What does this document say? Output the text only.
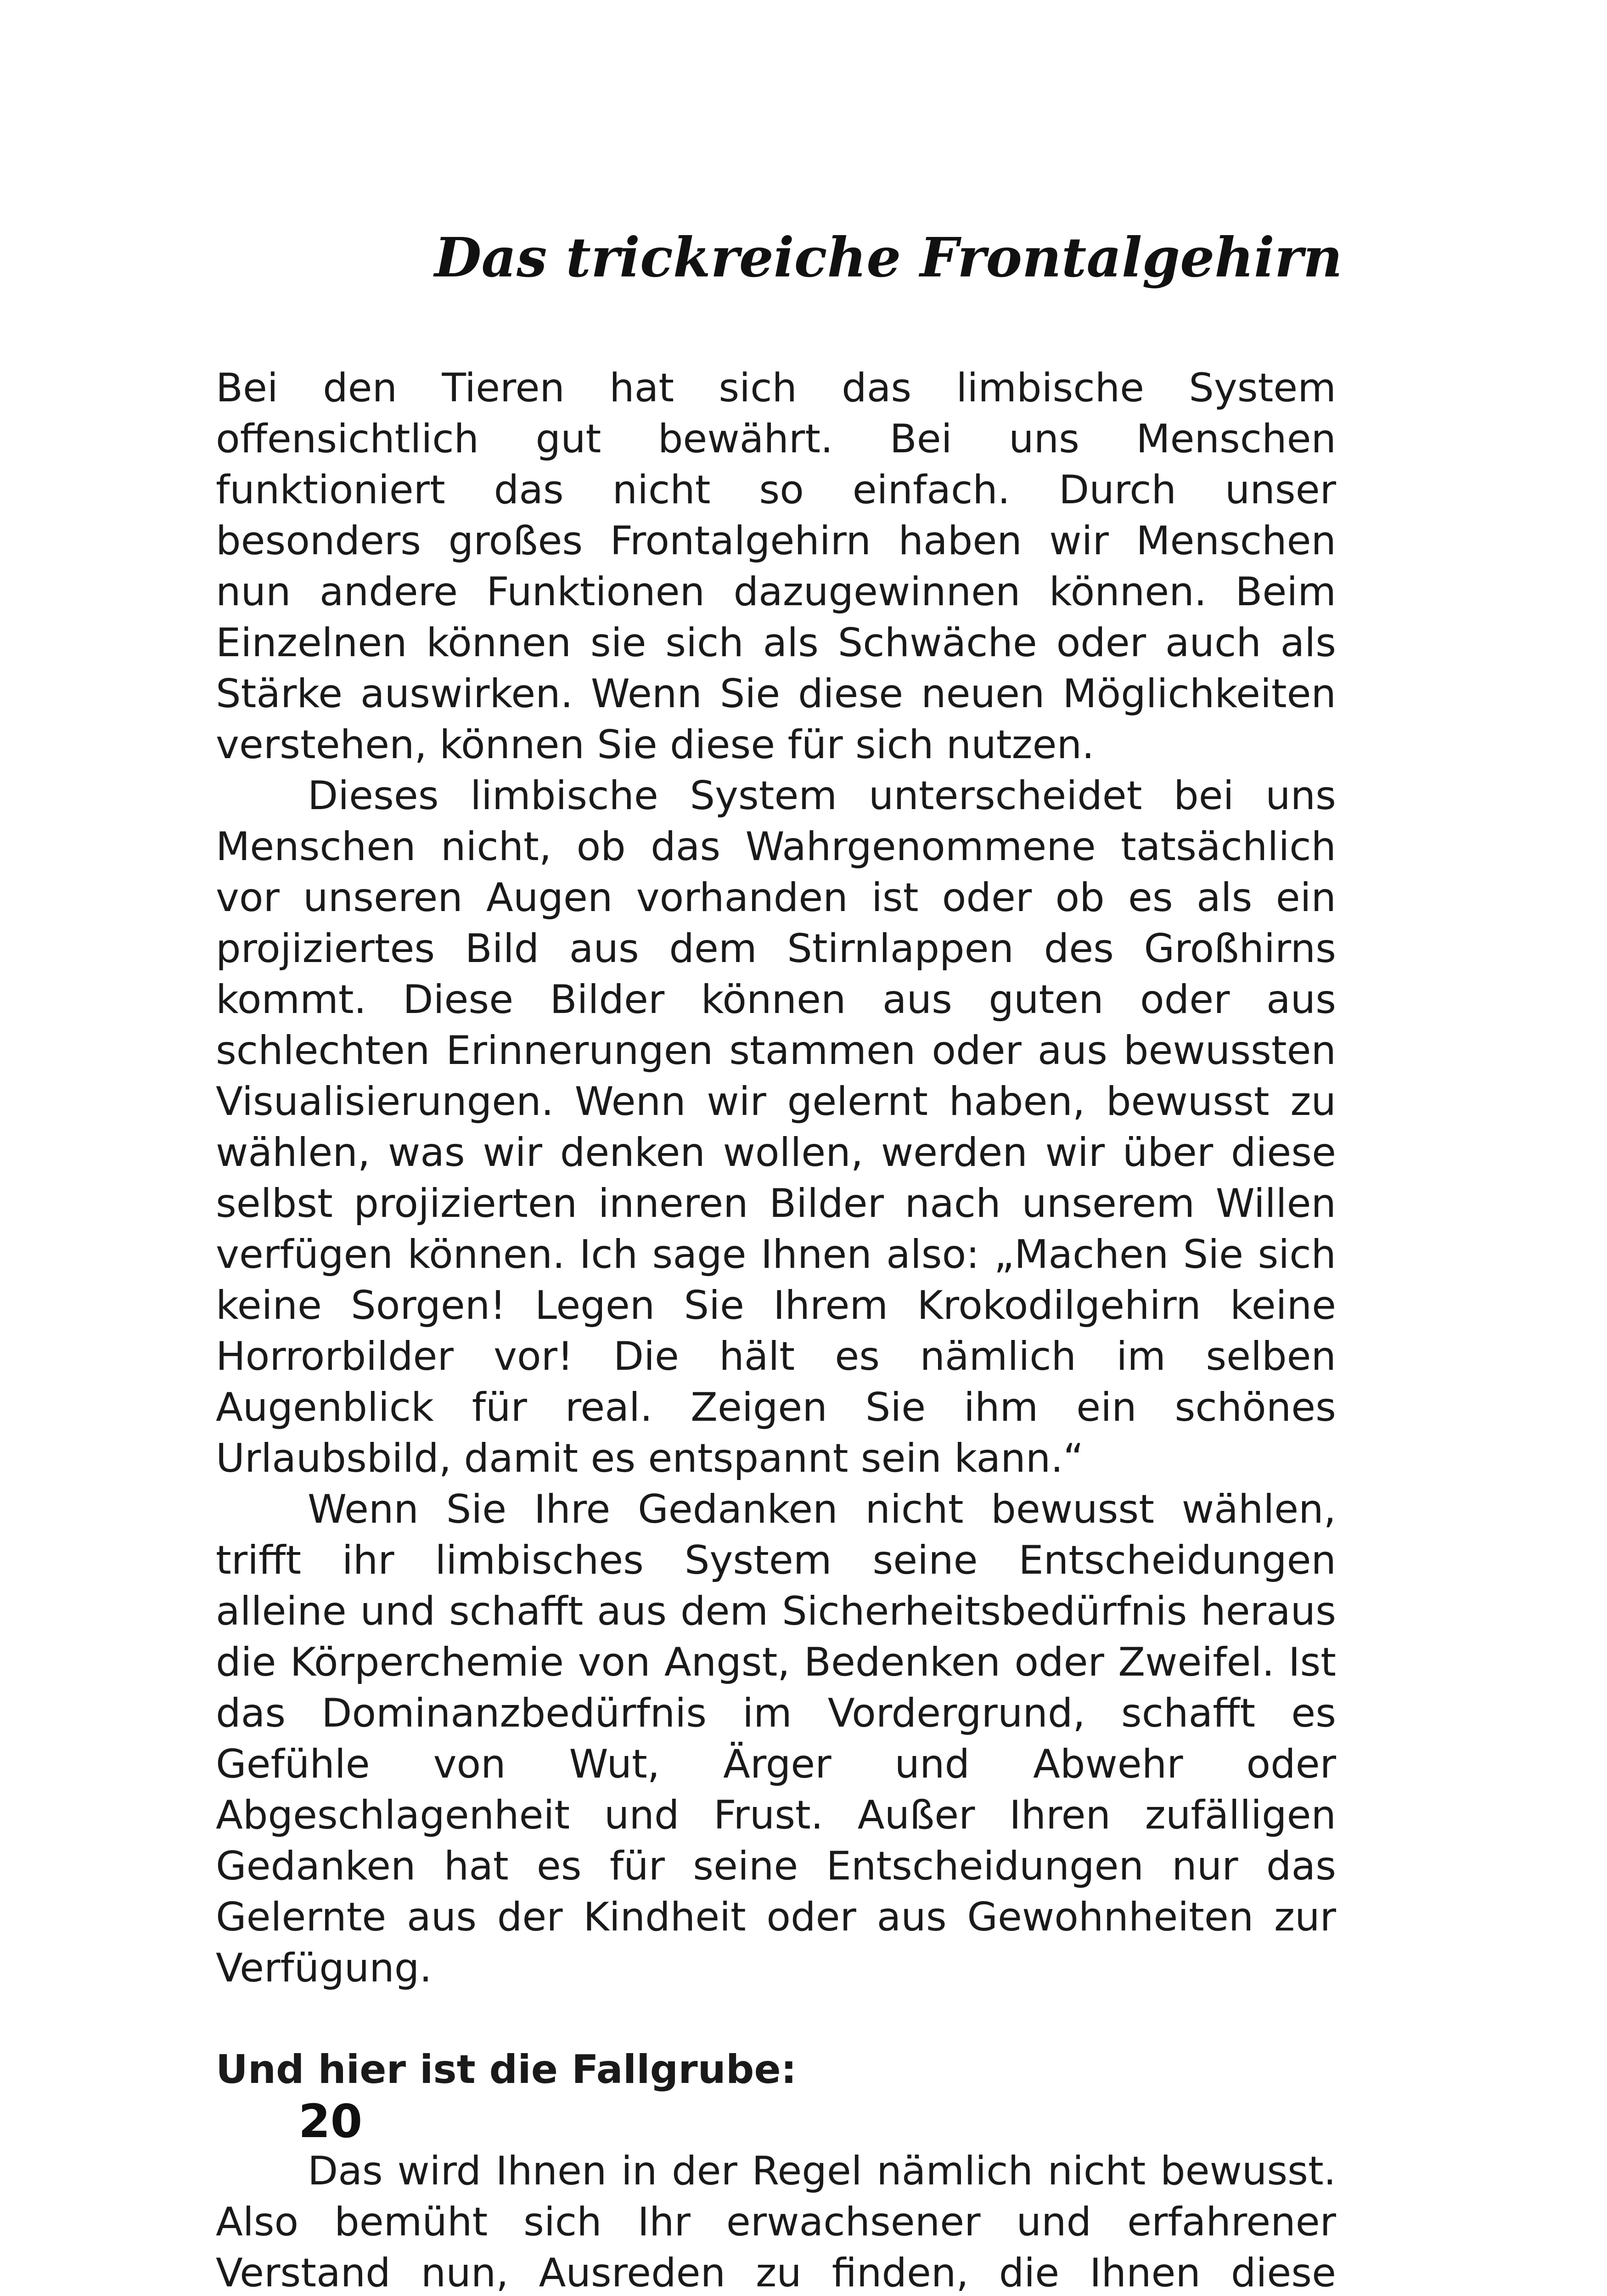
Das trickreiche Frontalgehirn

Bei den Tieren hat sich das limbische System offensichtlich gut bewährt. Bei uns Menschen funktioniert das nicht so einfach. Durch unser besonders großes Frontalgehirn haben wir Menschen nun andere Funktionen dazugewinnen können. Beim Einzelnen können sie sich als Schwäche oder auch als Stärke auswirken. Wenn Sie diese neuen Möglichkeiten verstehen, können Sie diese für sich nutzen.

Dieses limbische System unterscheidet bei uns Menschen nicht, ob das Wahrgenommene tatsächlich vor unseren Augen vorhanden ist oder ob es als ein projiziertes Bild aus dem Stirnlappen des Großhirns kommt. Diese Bilder können aus guten oder aus schlechten Erinnerungen stammen oder aus bewussten Visualisierungen. Wenn wir gelernt haben, bewusst zu wählen, was wir denken wollen, werden wir über diese selbst projizierten inneren Bilder nach unserem Willen verfügen können. Ich sage Ihnen also: „Machen Sie sich keine Sorgen! Legen Sie Ihrem Krokodilgehirn keine Horrorbilder vor! Die hält es nämlich im selben Augenblick für real. Zeigen Sie ihm ein schönes Urlaubsbild, damit es entspannt sein kann.“

Wenn Sie Ihre Gedanken nicht bewusst wählen, trifft ihr limbisches System seine Entscheidungen alleine und schafft aus dem Sicherheitsbedürfnis heraus die Körperchemie von Angst, Bedenken oder Zweifel. Ist das Dominanzbedürfnis im Vordergrund, schafft es Gefühle von Wut, Ärger und Abwehr oder Abgeschlagenheit und Frust. Außer Ihren zufälligen Gedanken hat es für seine Entscheidungen nur das Gelernte aus der Kindheit oder aus Gewohnheiten zur Verfügung.

Und hier ist die Fallgrube:

Das wird Ihnen in der Regel nämlich nicht bewusst. Also bemüht sich Ihr erwachsener und erfahrener Verstand nun, Ausreden zu finden, die Ihnen diese

20
